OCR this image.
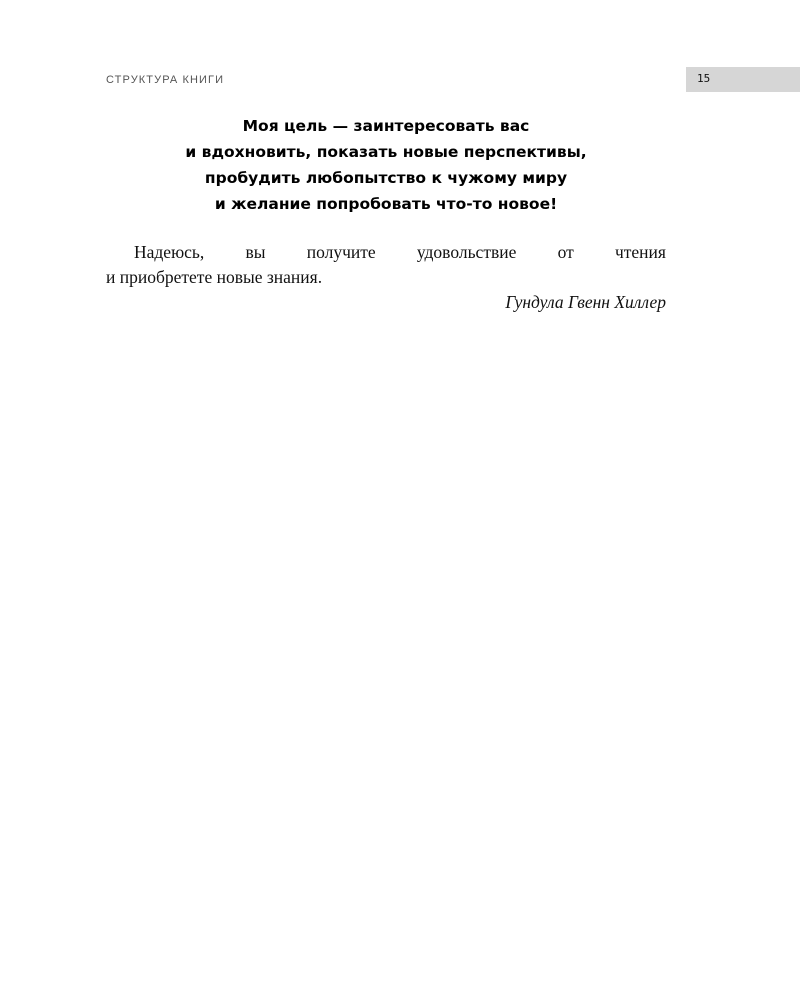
СТРУКТУРА КНИГИ	15
Моя цель — заинтересовать вас
и вдохновить, показать новые перспективы,
пробудить любопытство к чужому миру
и желание попробовать что-то новое!
Надеюсь, вы получите удовольствие от чтения
и приобретете новые знания.
Гундула Гвенн Хиллер
